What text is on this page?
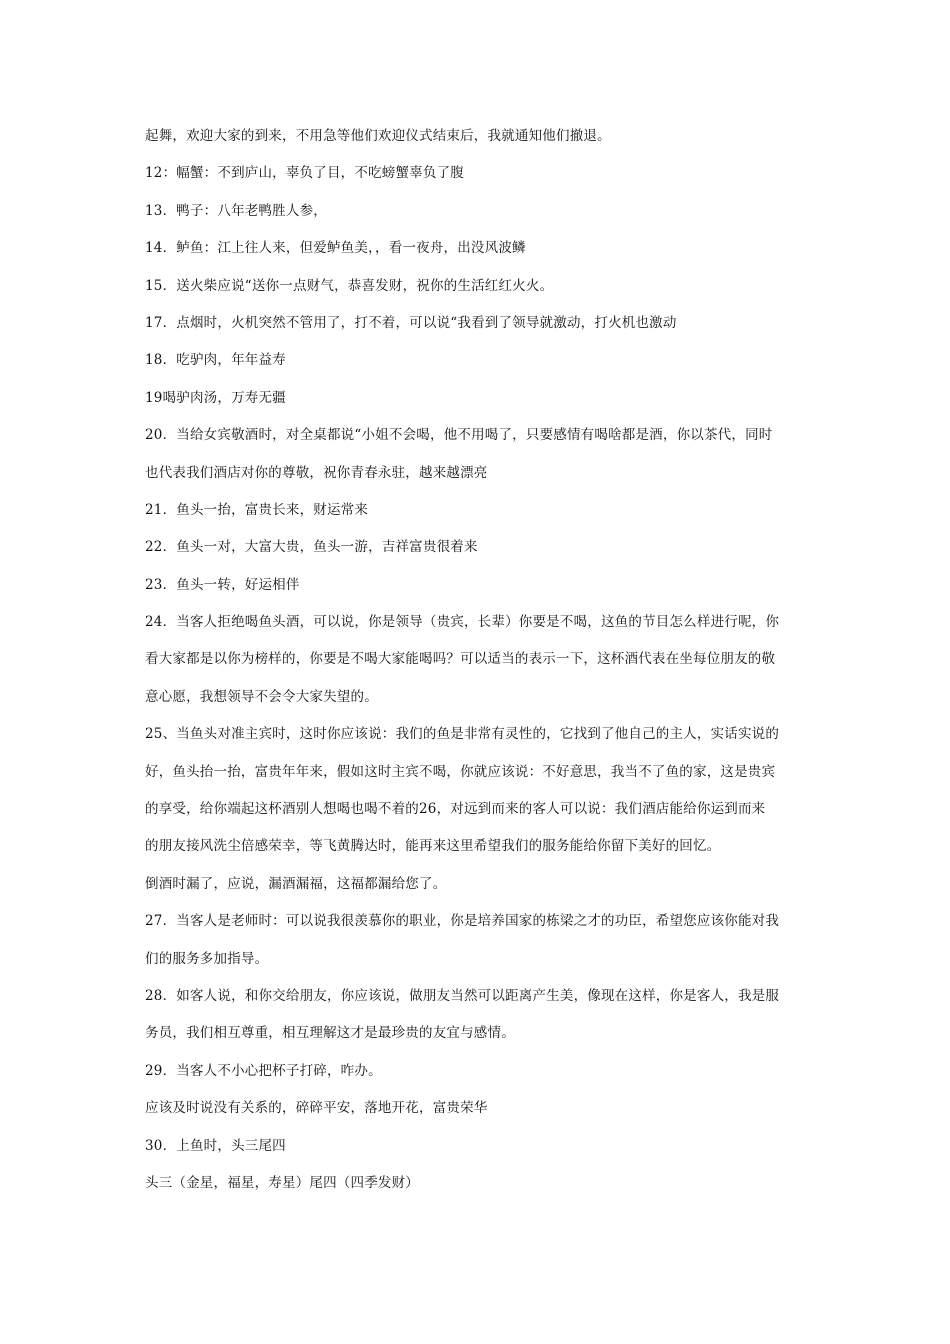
起舞，欢迎大家的到来，不用急等他们欢迎仪式结束后，我就通知他们撤退。
12：幅蟹：不到庐山，辜负了目，不吃螃蟹辜负了腹
13．鸭子：八年老鸭胜人参，
14．鲈鱼：江上往人来，但爱鲈鱼美，，看一夜舟，出没风波鳞
15．送火柴应说“送你一点财气，恭喜发财，祝你的生活红红火火。
17．点烟时，火机突然不管用了，打不着，可以说“我看到了领导就激动，打火机也激动
18．吃驴肉，年年益寿
19喝驴肉汤，万寿无疆
20．当给女宾敬酒时，对全桌都说“小姐不会喝，他不用喝了，只要感情有喝啥都是酒，你以茶代，同时
也代表我们酒店对你的尊敬，祝你青春永驻，越来越漂亮
21．鱼头一抬，富贵长来，财运常来
22．鱼头一对，大富大贵，鱼头一游，吉祥富贵很着来
23．鱼头一转，好运相伴
24．当客人拒绝喝鱼头酒，可以说，你是领导（贵宾，长辈）你要是不喝，这鱼的节目怎么样进行呢，你
看大家都是以你为榜样的，你要是不喝大家能喝吗？可以适当的表示一下，这杯酒代表在坐每位朋友的敬
意心愿，我想领导不会令大家失望的。
25、当鱼头对准主宾时，这时你应该说：我们的鱼是非常有灵性的，它找到了他自己的主人，实话实说的
好，鱼头抬一抬，富贵年年来，假如这时主宾不喝，你就应该说：不好意思，我当不了鱼的家，这是贵宾
的享受，给你端起这杯酒别人想喝也喝不着的26，对远到而来的客人可以说：我们酒店能给你运到而来
的朋友接风洗尘倍感荣幸，等飞黄腾达时，能再来这里希望我们的服务能给你留下美好的回忆。
倒酒时漏了，应说，漏酒漏福，这福都漏给您了。
27．当客人是老师时：可以说我很羡慕你的职业，你是培养国家的栋梁之才的功臣，希望您应该你能对我
们的服务多加指导。
28．如客人说，和你交给朋友，你应该说，做朋友当然可以距离产生美，像现在这样，你是客人，我是服
务员，我们相互尊重，相互理解这才是最珍贵的友宜与感情。
29．当客人不小心把杯子打碎，咋办。
应该及时说没有关系的，碎碎平安，落地开花，富贵荣华
30．上鱼时，头三尾四
头三（金星，福星，寿星）尾四（四季发财）
